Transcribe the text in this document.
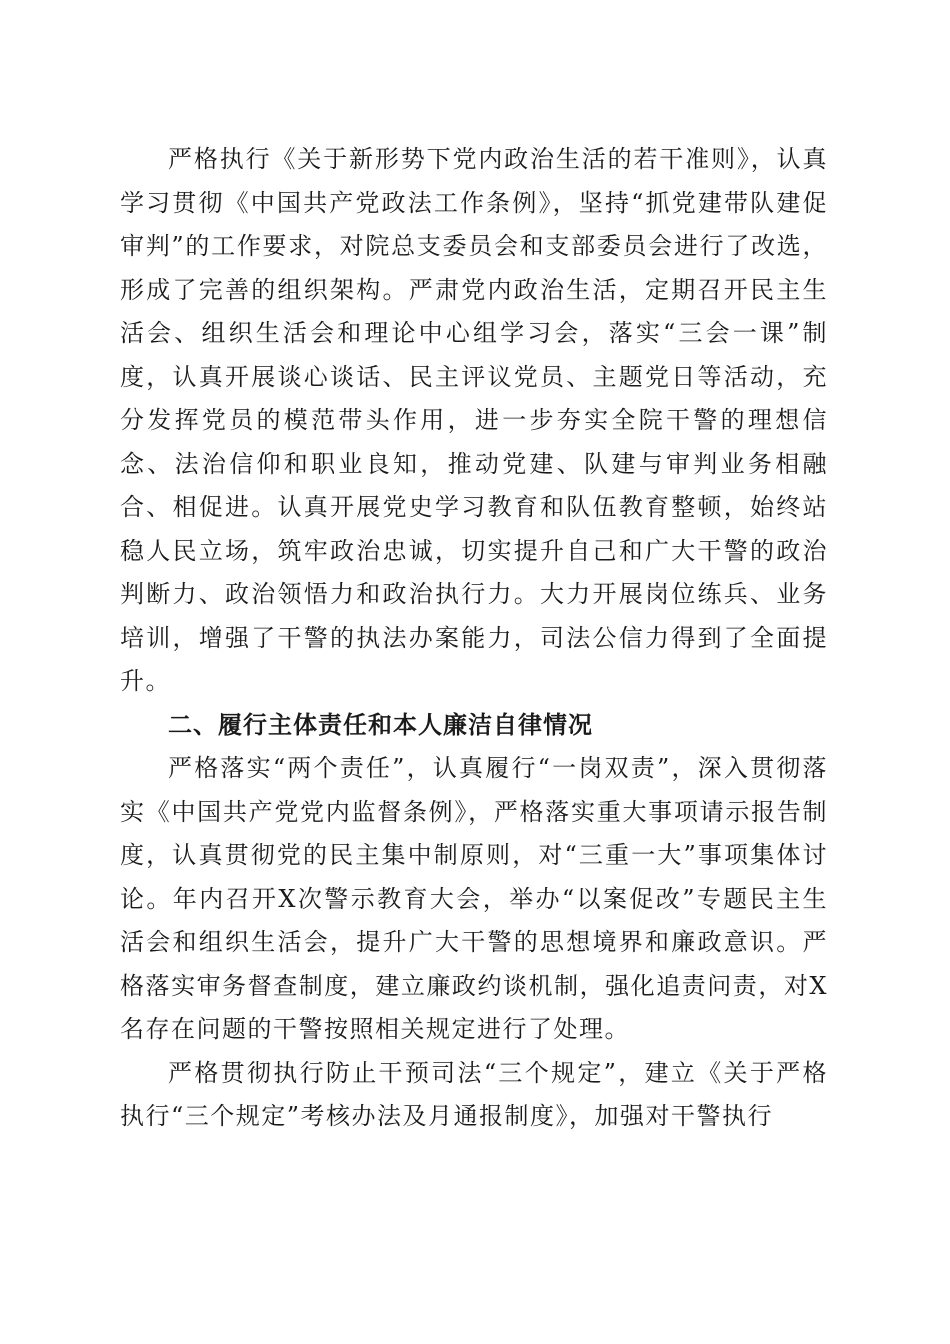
严格执行《关于新形势下党内政治生活的若干准则》，认真学习贯彻《中国共产党政法工作条例》，坚持“抓党建带队建促审判”的工作要求，对院总支委员会和支部委员会进行了改选，形成了完善的组织架构。严肃党内政治生活，定期召开民主生活会、组织生活会和理论中心组学习会，落实“三会一课”制度，认真开展谈心谈话、民主评议党员、主题党日等活动，充分发挥党员的模范带头作用，进一步夯实全院干警的理想信念、法治信仰和职业良知，推动党建、队建与审判业务相融合、相促进。认真开展党史学习教育和队伍教育整顿，始终站稳人民立场，筑牢政治忠诚，切实提升自己和广大干警的政治判断力、政治领悟力和政治执行力。大力开展岗位练兵、业务培训，增强了干警的执法办案能力，司法公信力得到了全面提升。

二、履行主体责任和本人廉洁自律情况

严格落实“两个责任”，认真履行“一岗双责”，深入贯彻落实《中国共产党党内监督条例》，严格落实重大事项请示报告制度，认真贯彻党的民主集中制原则，对“三重一大”事项集体讨论。年内召开X次警示教育大会，举办“以案促改”专题民主生活会和组织生活会，提升广大干警的思想境界和廉政意识。严格落实审务督查制度，建立廉政约谈机制，强化追责问责，对X名存在问题的干警按照相关规定进行了处理。

严格贯彻执行防止干预司法“三个规定”，建立《关于严格执行“三个规定”考核办法及月通报制度》，加强对干警执行
